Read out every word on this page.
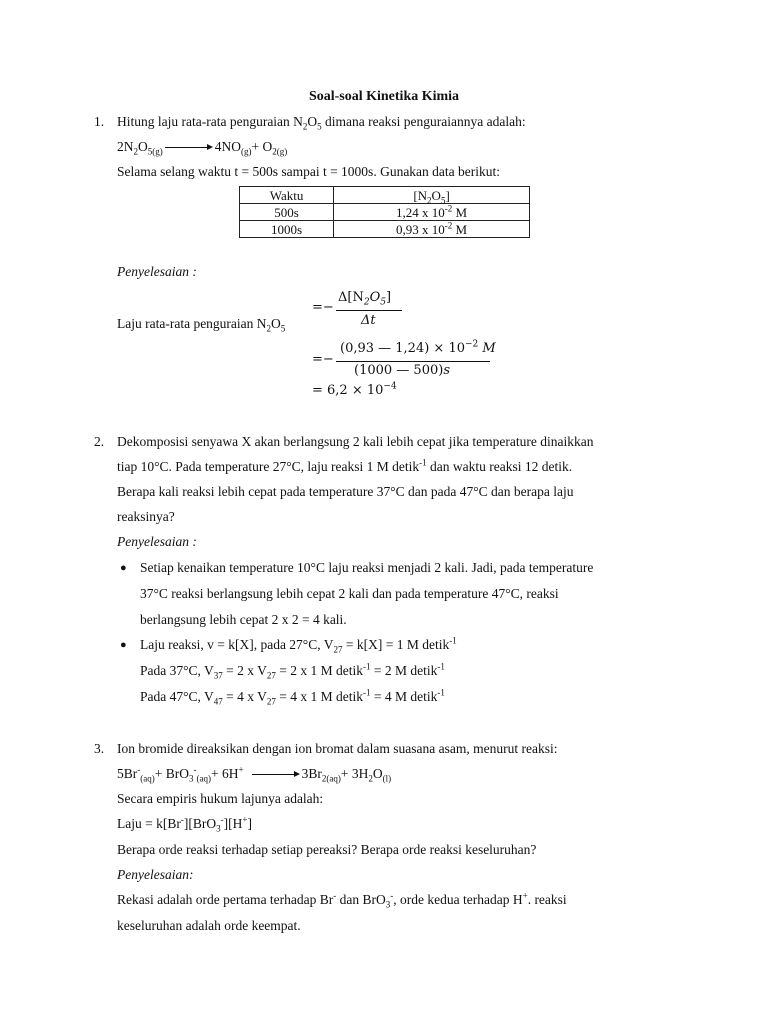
Soal-soal Kinetika Kimia
1. Hitung laju rata-rata penguraian $N_2O_5$ dimana reaksi penguraiannya adalah:
$2N_2O_{5(g)}$	$4NO_{(g)}+ O_{2(g)}$
Selama selang waktu t = 500s sampai t = 1000s. Gunakan data berikut:
Waktu	$[N_2O_5]$
500s	1,24 x $10^{-2}$ M
1000s	0,93 x $10^{-2}$ M
Penyelesaian :
Laju rata-rata penguraian $N_2O_5$
=−
$\Delta[N_2O_5]$
Δt
=−
(0,93 — $1,24) \times 10^{-2}$ M
(1000 — 500)s
= $6,2 \times 10^{-4}$
2. Dekomposisi senyawa X akan berlangsung 2 kali lebih cepat jika temperature dinaikkan
tiap 10°C. Pada temperature 27°C, laju reaksi 1 M detik$^{-1}$ dan waktu reaksi 12 detik.
Berapa kali reaksi lebih cepat pada temperature 37°C dan pada 47°C dan berapa laju
reaksinya?
Penyelesaian :
● Setiap kenaikan temperature 10°C laju reaksi menjadi 2 kali. Jadi, pada temperature
37°C reaksi berlangsung lebih cepat 2 kali dan pada temperature 47°C, reaksi
berlangsung lebih cepat 2 x 2 = 4 kali.
● Laju reaksi, v = k[X], pada 27°C, $V_{27} = k[X] = 1$ M detik$^{-1}$
Pada 37°C, $V_{37} = 2$ x $V_{27} = 2$ x 1 M detik$^{-1}$ = 2 M detik$^{-1}$
Pada 47°C, $V_{47} = 4$ x $V_{27} = 4$ x 1 M detik$^{-1}$ = 4 M detik$^{-1}$
3. Ion bromide direaksikan dengan ion bromat dalam suasana asam, menurut reaksi:
$5Br^-_{(aq)}+ BrO_3^-_{(aq)}+ 6H^+$	$3Br_{2(aq)}+ 3H_2O_{(l)}$
Secara empiris hukum lajunya adalah:
Laju = k[Br-][BrO$_3$-][H+]
Berapa orde reaksi terhadap setiap pereaksi? Berapa orde reaksi keseluruhan?
Penyelesaian:
Rekasi adalah orde pertama terhadap Br- dan BrO$_3$-, orde kedua terhadap H+. reaksi
keseluruhan adalah orde keempat.
